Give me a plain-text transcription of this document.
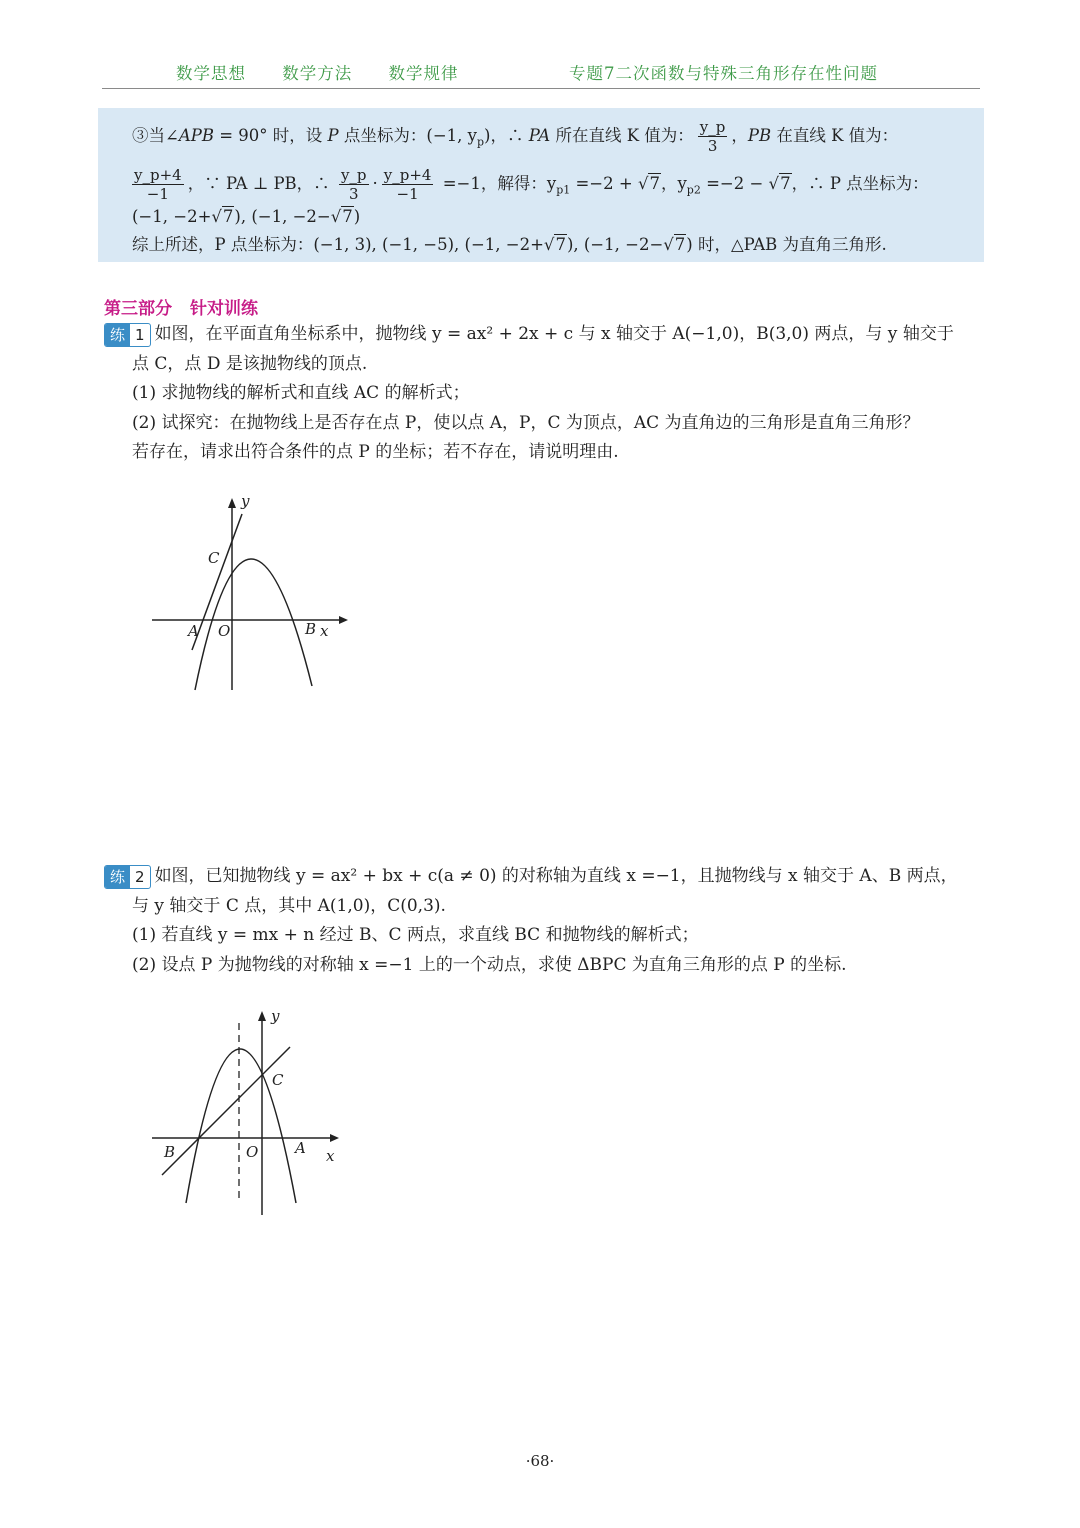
数学思想 数学方法 数学规律	专题7二次函数与特殊三角形存在性问题
③当∠APB = 90° 时，设 P 点坐标为：(−1, $y_p$)，∴ PA 所在直线 K 值为： $\frac{y\_p}{3}$ ，PB 在直线 K 值为：
$\frac{y\_p+4}{-1}$ ，∵ PA ⊥ PB，∴ $\frac{y\_p}{3} \cdot \frac{y\_p+4}{-1} =-1$，解得：$y_{p1} =-2 + √7$，$y_{p2} =-2 - √7$，∴ P 点坐标为：
(−1, −2+√7), (−1, −2−√7)
综上所述，P 点坐标为：(−1, 3), (−1, −5), (−1, −2+√7), (−1, −2−√7) 时，△PAB 为直角三角形.
第三部分 针对训练
练 1 如图，在平面直角坐标系中，抛物线 y = ax² + 2x + c 与 x 轴交于 A(−1,0)，B(3,0) 两点，与 y 轴交于
点 C，点 D 是该抛物线的顶点.
(1) 求抛物线的解析式和直线 AC 的解析式；
(2) 试探究：在抛物线上是否存在点 P，使以点 A，P，C 为顶点，AC 为直角边的三角形是直角三角形？
若存在，请求出符合条件的点 P 的坐标；若不存在，请说明理由.
y
C
A O	B x
练 2 如图，已知抛物线 y = ax² + bx + c(a ≠ 0) 的对称轴为直线 x =−1，且抛物线与 x 轴交于 A、B 两点，
与 y 轴交于 C 点，其中 A(1,0)，C(0,3).
(1) 若直线 y = mx + n 经过 B、C 两点，求直线 BC 和抛物线的解析式；
(2) 设点 P 为抛物线的对称轴 x =−1 上的一个动点，求使 ΔBPC 为直角三角形的点 P 的坐标.
y
C
B	O A x
·68·
